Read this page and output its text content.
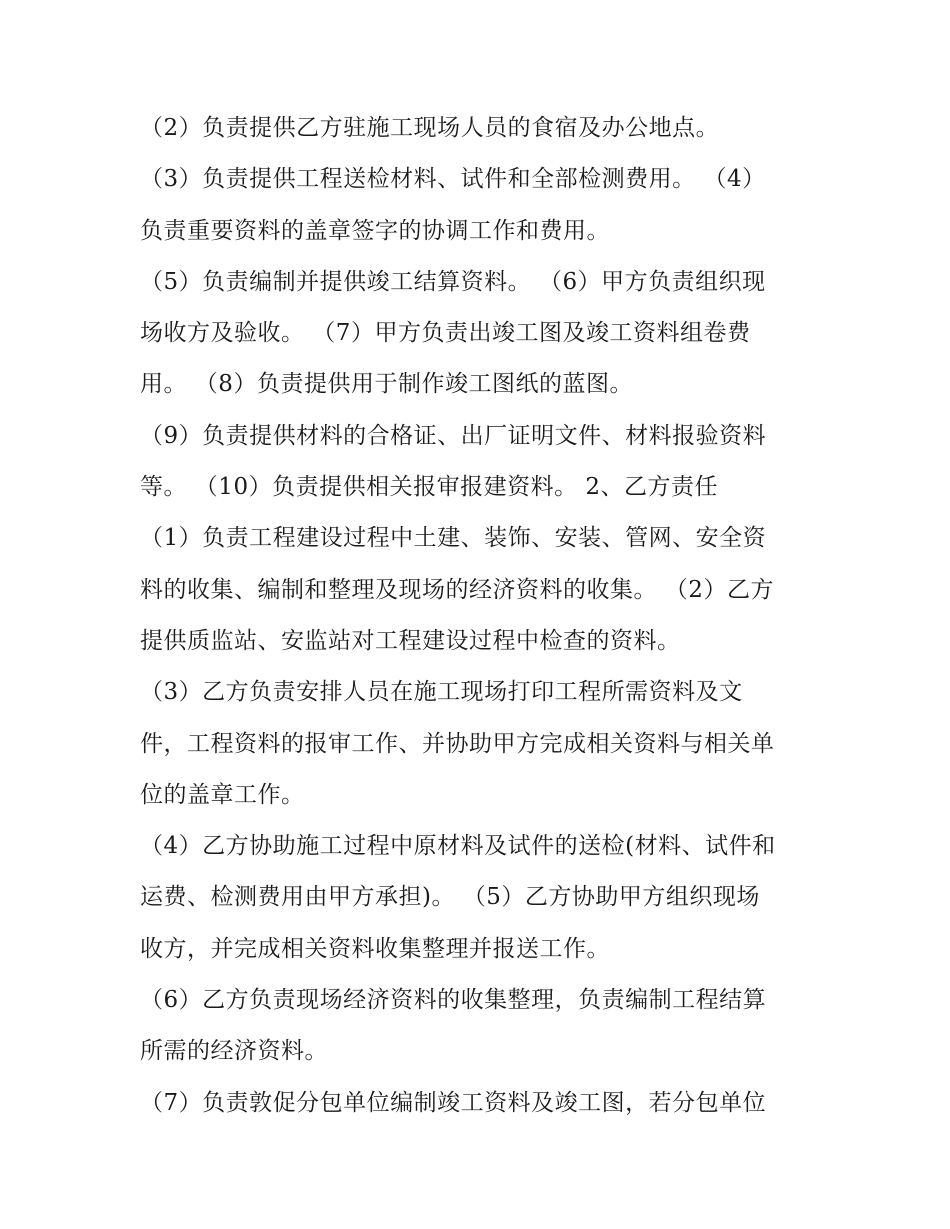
（2）负责提供乙方驻施工现场人员的食宿及办公地点。
（3）负责提供工程送检材料、试件和全部检测费用。 （4）
负责重要资料的盖章签字的协调工作和费用。
（5）负责编制并提供竣工结算资料。 （6）甲方负责组织现
场收方及验收。 （7）甲方负责出竣工图及竣工资料组卷费
用。 （8）负责提供用于制作竣工图纸的蓝图。
（9）负责提供材料的合格证、出厂证明文件、材料报验资料
等。 （10）负责提供相关报审报建资料。 2、乙方责任
（1）负责工程建设过程中土建、装饰、安装、管网、安全资
料的收集、编制和整理及现场的经济资料的收集。 （2）乙方
提供质监站、安监站对工程建设过程中检查的资料。
（3）乙方负责安排人员在施工现场打印工程所需资料及文
件，工程资料的报审工作、并协助甲方完成相关资料与相关单
位的盖章工作。
（4）乙方协助施工过程中原材料及试件的送检(材料、试件和
运费、检测费用由甲方承担)。 （5）乙方协助甲方组织现场
收方，并完成相关资料收集整理并报送工作。
（6）乙方负责现场经济资料的收集整理，负责编制工程结算
所需的经济资料。
（7）负责敦促分包单位编制竣工资料及竣工图，若分包单位
